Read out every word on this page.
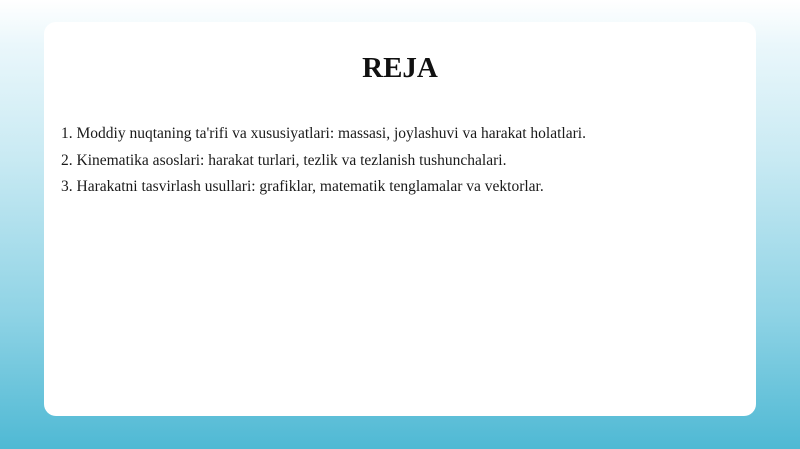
REJA
1. Moddiy nuqtaning ta'rifi va xususiyatlari: massasi, joylashuvi va harakat holatlari.
2. Kinematika asoslari: harakat turlari, tezlik va tezlanish tushunchalari.
3. Harakatni tasvirlash usullari: grafiklar, matematik tenglamalar va vektorlar.
